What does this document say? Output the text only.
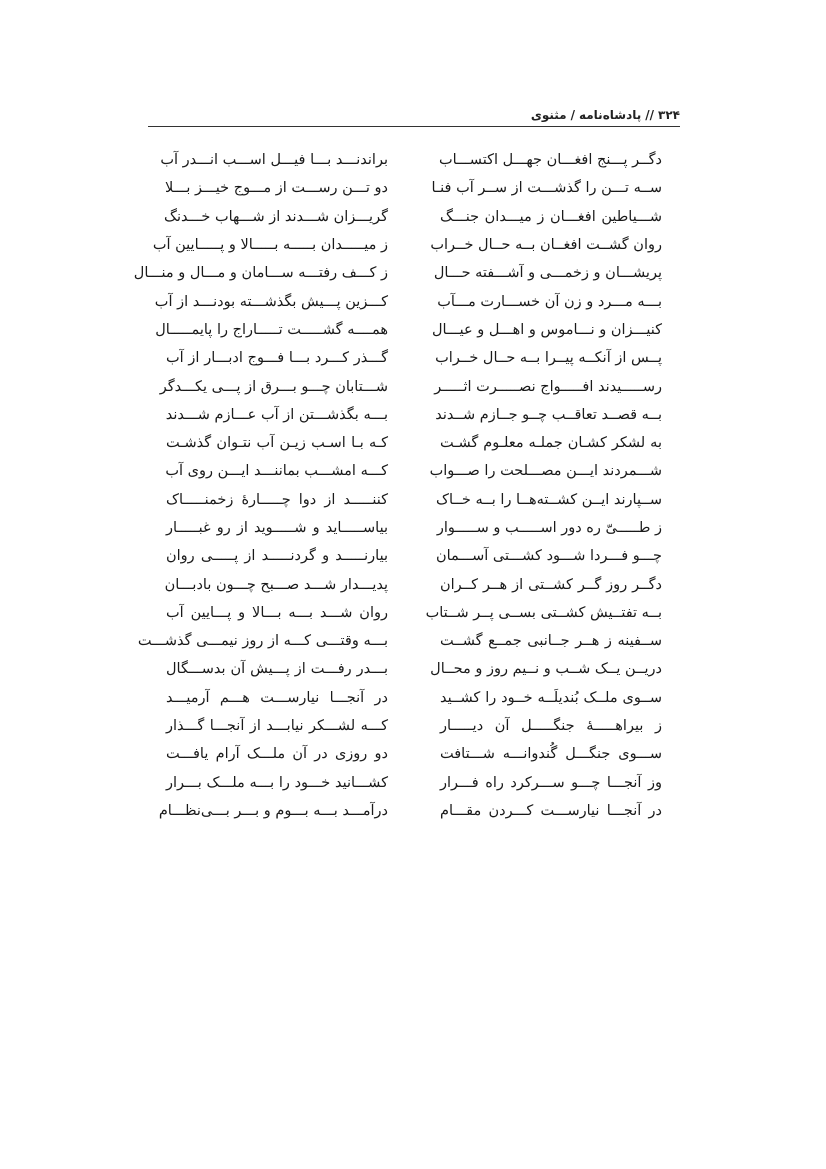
۳۲۴//پادشاه‌نامه/مثنوی
دگــر پـــنج افغـــان جهـــل اكتســـاب
براندنـــد بـــا فيـــل اســـب انـــدر آب
ســه تـــن را گذشـــت از ســر آب فنـا
دو تـــن رســـت از مـــوج خيـــز بـــلا
شـــياطين افغـــان ز ميـــدان جنـــگ
گريـــزان شـــدند از شـــهاب خـــدنگ
روان گشــت افغــان بــه حــال خــراب
ز ميـــــدان بـــــه بـــــالا و پـــــايين آب
پريشـــان و زخمـــی و آشـــفته حـــال
ز كـــف رفتـــه ســـامان و مـــال و منـــال
بـــه مـــرد و زن آن خســـارت مـــآب
كـــزين پـــيش بگذشـــته بودنـــد از آب
كنيـــزان و نـــاموس و اهـــل و عيـــال
همــــه گشـــــت تـــــاراج را پايمـــــال
پــس از آنكــه پيــرا بــه حــال خــراب
گـــذر كـــرد بـــا فـــوج ادبـــار از آب
رســـــيدند افـــــواج نصـــــرت اثـــــر
شـــتابان چـــو بـــرق از پـــی يكـــدگر
بــه قصــد تعاقــب چــو جــازم شــدند
بـــه بگذشـــتن از آب عـــازم شـــدند
به لشكر كشـان جملـه معلـوم گشـت
كـه بـا اسـب زيـن آب نتـوان گذشـت
شـــمردند ايـــن مصـــلحت را صـــواب
كـــه امشـــب بماننـــد ايـــن روی آب
ســپارند ايــن كشــته‌هــا را بــه خــاک
كننـــــد از دوا چـــــارهٔ زخمنـــــاک
ز طـــــیّ ره دور اســـــب و ســـــوار
بياســـــايد و شـــــويد از رو غبـــــار
چـــو فـــردا شـــود كشـــتی آســـمان
بيارنـــــد و گردنـــــد از پـــــی روان
دگــر روز گــر كشــتی از هــر كــران
پديـــدار شـــد صـــبح چـــون بادبـــان
بــه تفتــيش كشــتی بســی پــر شــتاب
روان شـــد بـــه بـــالا و پـــايين آب
ســفينه ز هــر جــانبی جمــع گشــت
بـــه وقتـــی كـــه از روز نيمـــی گذشـــت
دريــن يــک شــب و نــيم روز و محــال
بـــدر رفـــت از پـــيش آن بدســـگال
ســوی ملــک بُنديلَــه خــود را كشــيد
در آنجـــا نيارســـت هـــم آرميـــد
ز بيراهـــــهٔ جنگـــــل آن ديـــــار
كـــه لشـــكر نيابـــد از آنجـــا گـــذار
ســـوی جنگـــل گُندوانـــه شـــتافت
دو روزی در آن ملـــک آرام يافـــت
وز آنجـــا چـــو ســـركرد راه فـــرار
كشـــانيد خـــود را بـــه ملـــک بـــرار
در آنجـــا نيارســـت كـــردن مقـــام
درآمـــد بـــه بـــوم و بـــر بـــی‌نظـــام
